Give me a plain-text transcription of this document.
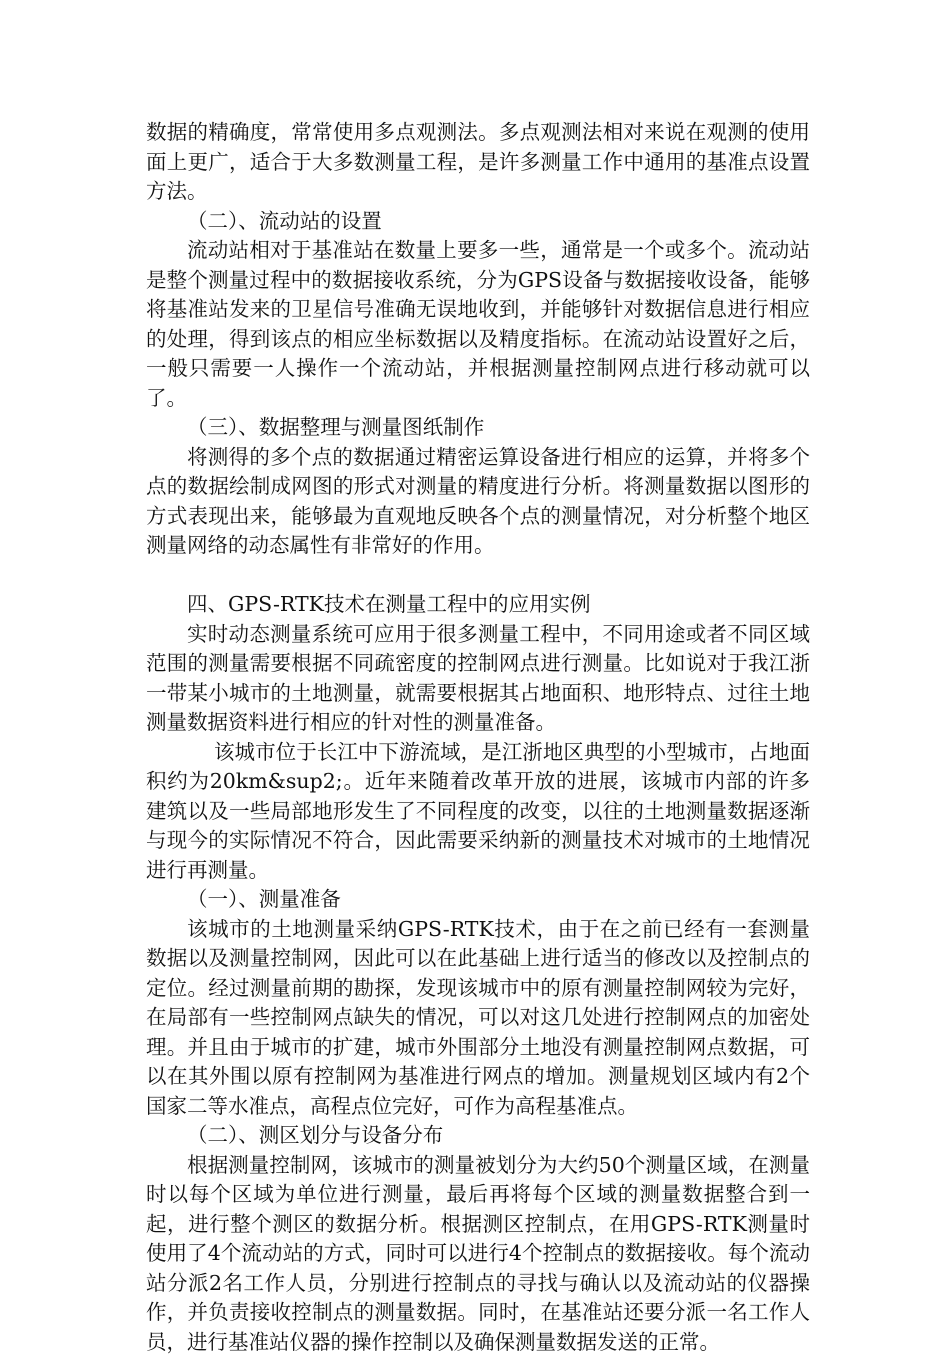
数据的精确度，常常使用多点观测法。多点观测法相对来说在观测的使用面上更广，适合于大多数测量工程，是许多测量工作中通用的基准点设置方法。

（二）、流动站的设置

流动站相对于基准站在数量上要多一些，通常是一个或多个。流动站是整个测量过程中的数据接收系统，分为GPS设备与数据接收设备，能够将基准站发来的卫星信号准确无误地收到，并能够针对数据信息进行相应的处理，得到该点的相应坐标数据以及精度指标。在流动站设置好之后，一般只需要一人操作一个流动站，并根据测量控制网点进行移动就可以了。

（三）、数据整理与测量图纸制作

将测得的多个点的数据通过精密运算设备进行相应的运算，并将多个点的数据绘制成网图的形式对测量的精度进行分析。将测量数据以图形的方式表现出来，能够最为直观地反映各个点的测量情况，对分析整个地区测量网络的动态属性有非常好的作用。

四、GPS-RTK技术在测量工程中的应用实例

实时动态测量系统可应用于很多测量工程中，不同用途或者不同区域范围的测量需要根据不同疏密度的控制网点进行测量。比如说对于我江浙一带某小城市的土地测量，就需要根据其占地面积、地形特点、过往土地测量数据资料进行相应的针对性的测量准备。

该城市位于长江中下游流域，是江浙地区典型的小型城市，占地面积约为20km&sup2;。近年来随着改革开放的进展，该城市内部的许多建筑以及一些局部地形发生了不同程度的改变，以往的土地测量数据逐渐与现今的实际情况不符合，因此需要采纳新的测量技术对城市的土地情况进行再测量。

（一）、测量准备

该城市的土地测量采纳GPS-RTK技术，由于在之前已经有一套测量数据以及测量控制网，因此可以在此基础上进行适当的修改以及控制点的定位。经过测量前期的勘探，发现该城市中的原有测量控制网较为完好，在局部有一些控制网点缺失的情况，可以对这几处进行控制网点的加密处理。并且由于城市的扩建，城市外围部分土地没有测量控制网点数据，可以在其外围以原有控制网为基准进行网点的增加。测量规划区域内有2个国家二等水准点，高程点位完好，可作为高程基准点。

（二）、测区划分与设备分布

根据测量控制网，该城市的测量被划分为大约50个测量区域，在测量时以每个区域为单位进行测量，最后再将每个区域的测量数据整合到一起，进行整个测区的数据分析。根据测区控制点，在用GPS-RTK测量时使用了4个流动站的方式，同时可以进行4个控制点的数据接收。每个流动站分派2名工作人员，分别进行控制点的寻找与确认以及流动站的仪器操作，并负责接收控制点的测量数据。同时，在基准站还要分派一名工作人员，进行基准站仪器的操作控制以及确保测量数据发送的正常。
